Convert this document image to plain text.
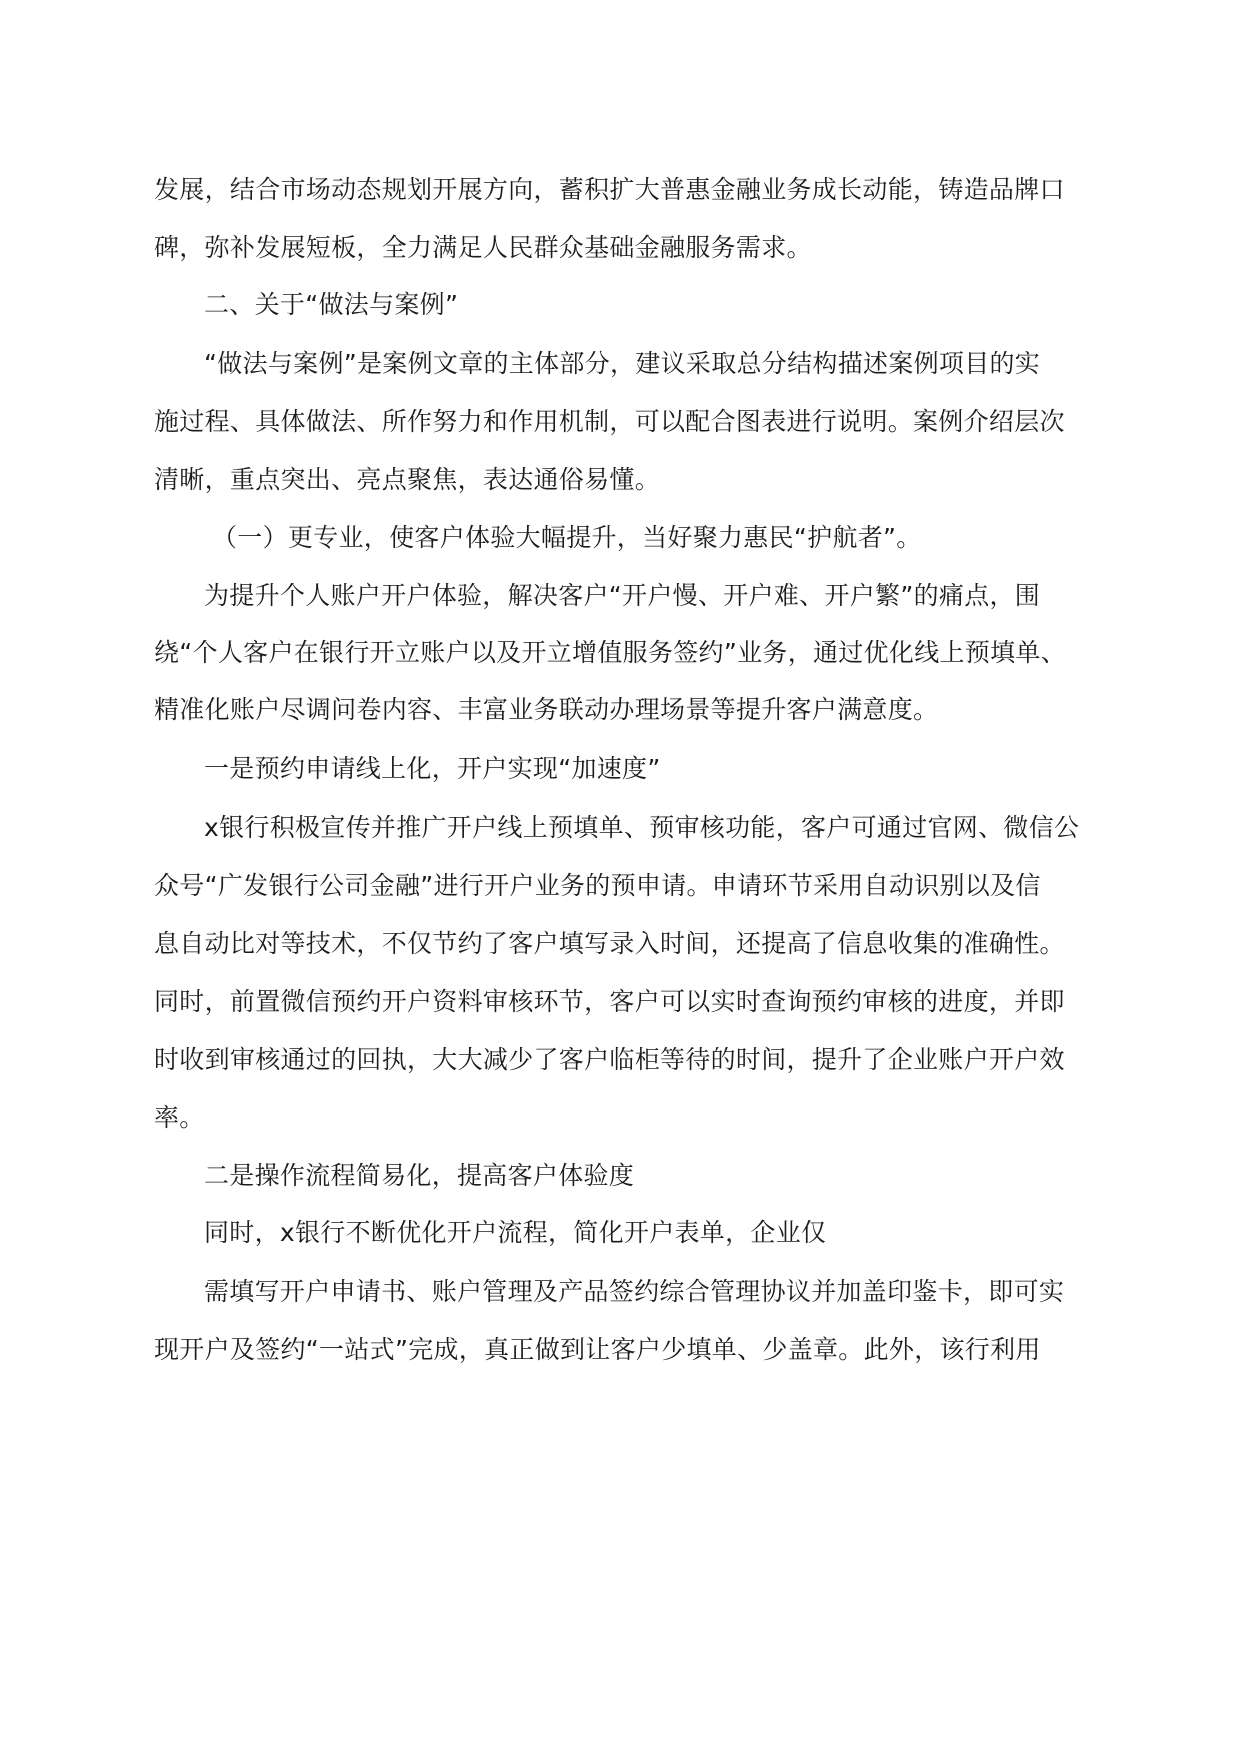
发展，结合市场动态规划开展方向，蓄积扩大普惠金融业务成长动能，铸造品牌口

碑，弥补发展短板，全力满足人民群众基础金融服务需求。

二、关于“做法与案例”

“做法与案例”是案例文章的主体部分，建议采取总分结构描述案例项目的实

施过程、具体做法、所作努力和作用机制，可以配合图表进行说明。案例介绍层次

清晰，重点突出、亮点聚焦，表达通俗易懂。

（一）更专业，使客户体验大幅提升，当好聚力惠民“护航者”。

为提升个人账户开户体验，解决客户“开户慢、开户难、开户繁”的痛点，围

绕“个人客户在银行开立账户以及开立增值服务签约”业务，通过优化线上预填单、

精准化账户尽调问卷内容、丰富业务联动办理场景等提升客户满意度。

一是预约申请线上化，开户实现“加速度”

x银行积极宣传并推广开户线上预填单、预审核功能，客户可通过官网、微信公

众号“广发银行公司金融”进行开户业务的预申请。申请环节采用自动识别以及信

息自动比对等技术，不仅节约了客户填写录入时间，还提高了信息收集的准确性。

同时，前置微信预约开户资料审核环节，客户可以实时查询预约审核的进度，并即

时收到审核通过的回执，大大减少了客户临柜等待的时间，提升了企业账户开户效

率。

二是操作流程简易化，提高客户体验度

同时，x银行不断优化开户流程，简化开户表单，企业仅

需填写开户申请书、账户管理及产品签约综合管理协议并加盖印鉴卡，即可实

现开户及签约“一站式”完成，真正做到让客户少填单、少盖章。此外，该行利用
